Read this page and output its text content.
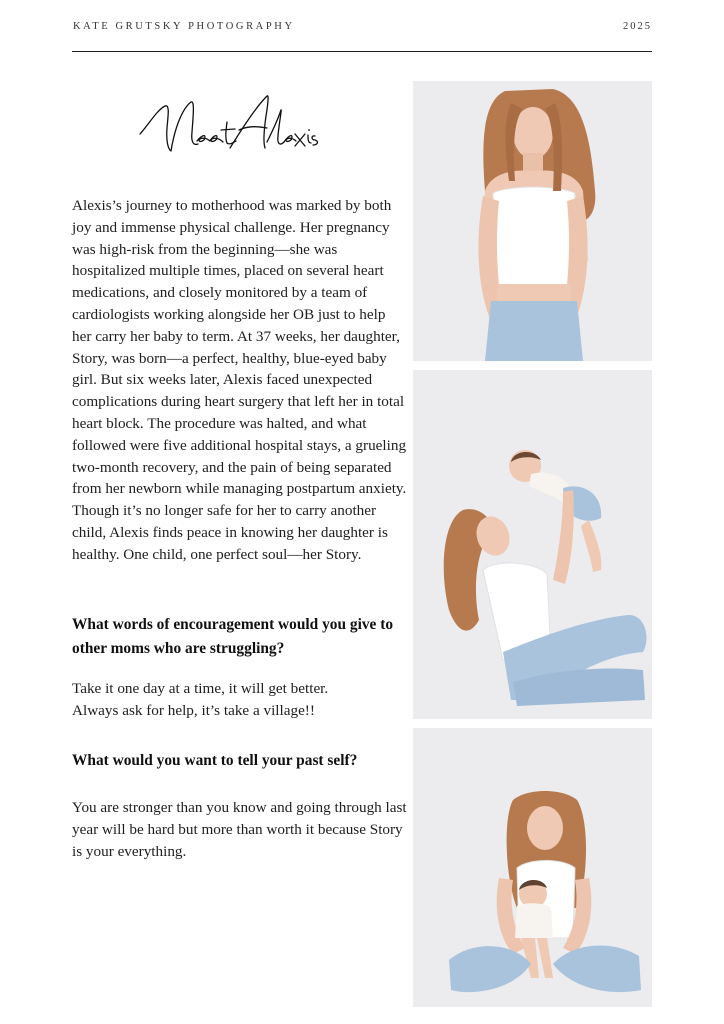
KATE GRUTSKY PHOTOGRAPHY	2025
Alexis’s journey to motherhood was marked by both joy and immense physical challenge. Her pregnancy was high-risk from the beginning—she was hospitalized multiple times, placed on several heart medications, and closely monitored by a team of cardiologists working alongside her OB just to help her carry her baby to term. At 37 weeks, her daughter, Story, was born—a perfect, healthy, blue-eyed baby girl. But six weeks later, Alexis faced unexpected complications during heart surgery that left her in total heart block. The procedure was halted, and what followed were five additional hospital stays, a grueling two-month recovery, and the pain of being separated from her newborn while managing postpartum anxiety. Though it’s no longer safe for her to carry another child, Alexis finds peace in knowing her daughter is healthy. One child, one perfect soul—her Story.
What words of encouragement would you give to other moms who are struggling?

Take it one day at a time, it will get better.

Always ask for help, it’s take a village!!

What would you want to tell your past self?

You are stronger than you know and going through last year will be hard but more than worth it because Story is your everything.
